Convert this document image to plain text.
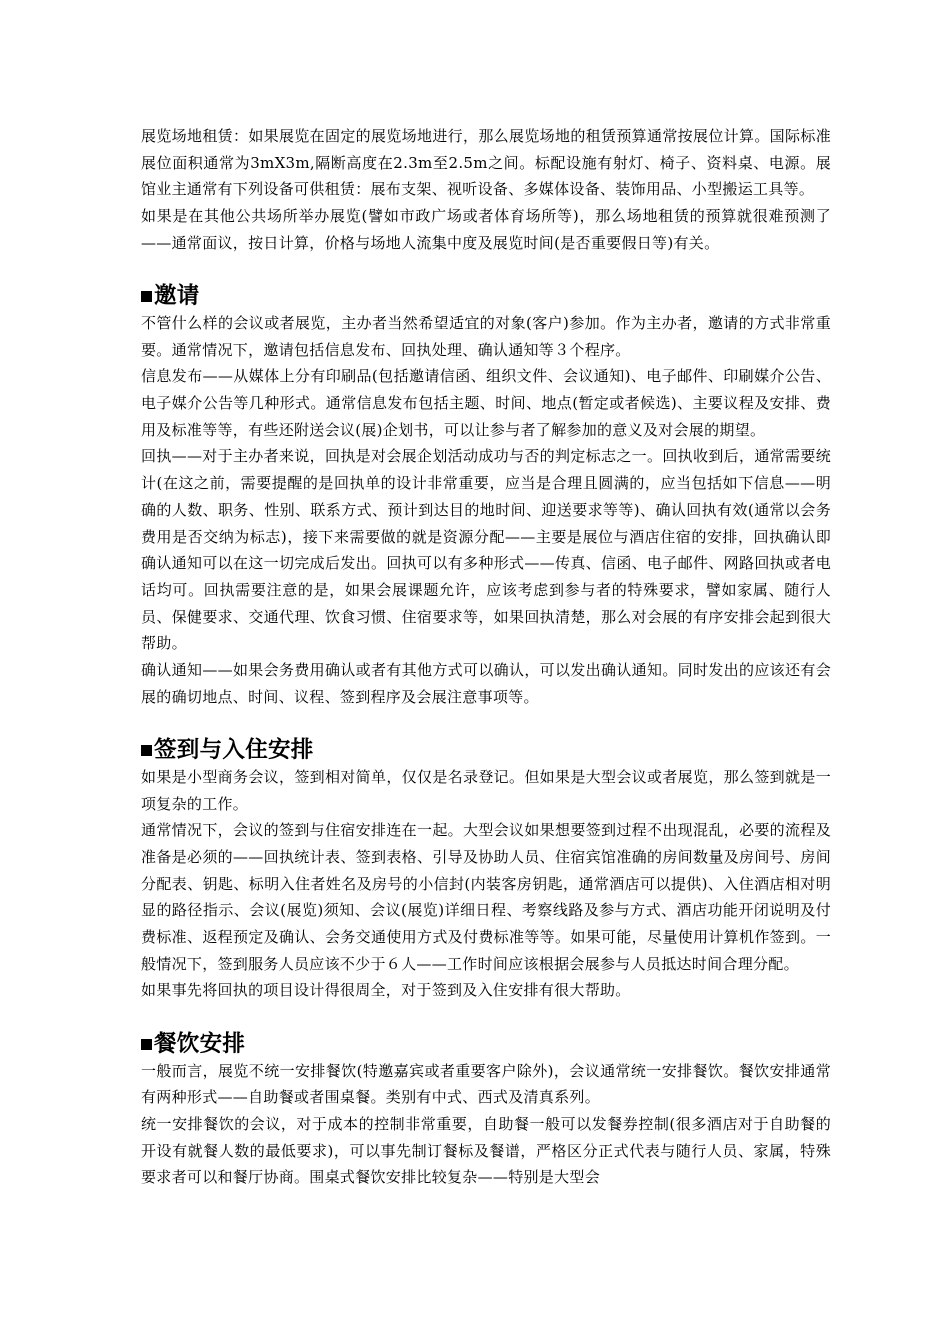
展览场地租赁：如果展览在固定的展览场地进行，那么展览场地的租赁预算通常按展位计算。国际标准展位面积通常为3mX3m,隔断高度在2.3m至2.5m之间。标配设施有射灯、椅子、资料桌、电源。展馆业主通常有下列设备可供租赁：展布支架、视听设备、多媒体设备、装饰用品、小型搬运工具等。

如果是在其他公共场所举办展览(譬如市政广场或者体育场所等)，那么场地租赁的预算就很难预测了——通常面议，按日计算，价格与场地人流集中度及展览时间(是否重要假日等)有关。

邀请

不管什么样的会议或者展览，主办者当然希望适宜的对象(客户)参加。作为主办者，邀请的方式非常重要。通常情况下，邀请包括信息发布、回执处理、确认通知等３个程序。

信息发布——从媒体上分有印刷品(包括邀请信函、组织文件、会议通知)、电子邮件、印刷媒介公告、电子媒介公告等几种形式。通常信息发布包括主题、时间、地点(暂定或者候选)、主要议程及安排、费用及标准等等，有些还附送会议(展)企划书，可以让参与者了解参加的意义及对会展的期望。

回执——对于主办者来说，回执是对会展企划活动成功与否的判定标志之一。回执收到后，通常需要统计(在这之前，需要提醒的是回执单的设计非常重要，应当是合理且圆满的，应当包括如下信息——明确的人数、职务、性别、联系方式、预计到达目的地时间、迎送要求等等)、确认回执有效(通常以会务费用是否交纳为标志)，接下来需要做的就是资源分配——主要是展位与酒店住宿的安排，回执确认即确认通知可以在这一切完成后发出。回执可以有多种形式——传真、信函、电子邮件、网路回执或者电话均可。回执需要注意的是，如果会展课题允许，应该考虑到参与者的特殊要求，譬如家属、随行人员、保健要求、交通代理、饮食习惯、住宿要求等，如果回执清楚，那么对会展的有序安排会起到很大帮助。

确认通知——如果会务费用确认或者有其他方式可以确认，可以发出确认通知。同时发出的应该还有会展的确切地点、时间、议程、签到程序及会展注意事项等。

签到与入住安排

如果是小型商务会议，签到相对简单，仅仅是名录登记。但如果是大型会议或者展览，那么签到就是一项复杂的工作。

通常情况下，会议的签到与住宿安排连在一起。大型会议如果想要签到过程不出现混乱，必要的流程及准备是必须的——回执统计表、签到表格、引导及协助人员、住宿宾馆准确的房间数量及房间号、房间分配表、钥匙、标明入住者姓名及房号的小信封(内装客房钥匙，通常酒店可以提供)、入住酒店相对明显的路径指示、会议(展览)须知、会议(展览)详细日程、考察线路及参与方式、酒店功能开闭说明及付费标准、返程预定及确认、会务交通使用方式及付费标准等等。如果可能，尽量使用计算机作签到。一般情况下，签到服务人员应该不少于６人——工作时间应该根据会展参与人员抵达时间合理分配。

如果事先将回执的项目设计得很周全，对于签到及入住安排有很大帮助。

餐饮安排

一般而言，展览不统一安排餐饮(特邀嘉宾或者重要客户除外)，会议通常统一安排餐饮。餐饮安排通常有两种形式——自助餐或者围桌餐。类别有中式、西式及清真系列。

统一安排餐饮的会议，对于成本的控制非常重要，自助餐一般可以发餐券控制(很多酒店对于自助餐的开设有就餐人数的最低要求)，可以事先制订餐标及餐谱，严格区分正式代表与随行人员、家属，特殊要求者可以和餐厅协商。围桌式餐饮安排比较复杂——特别是大型会
